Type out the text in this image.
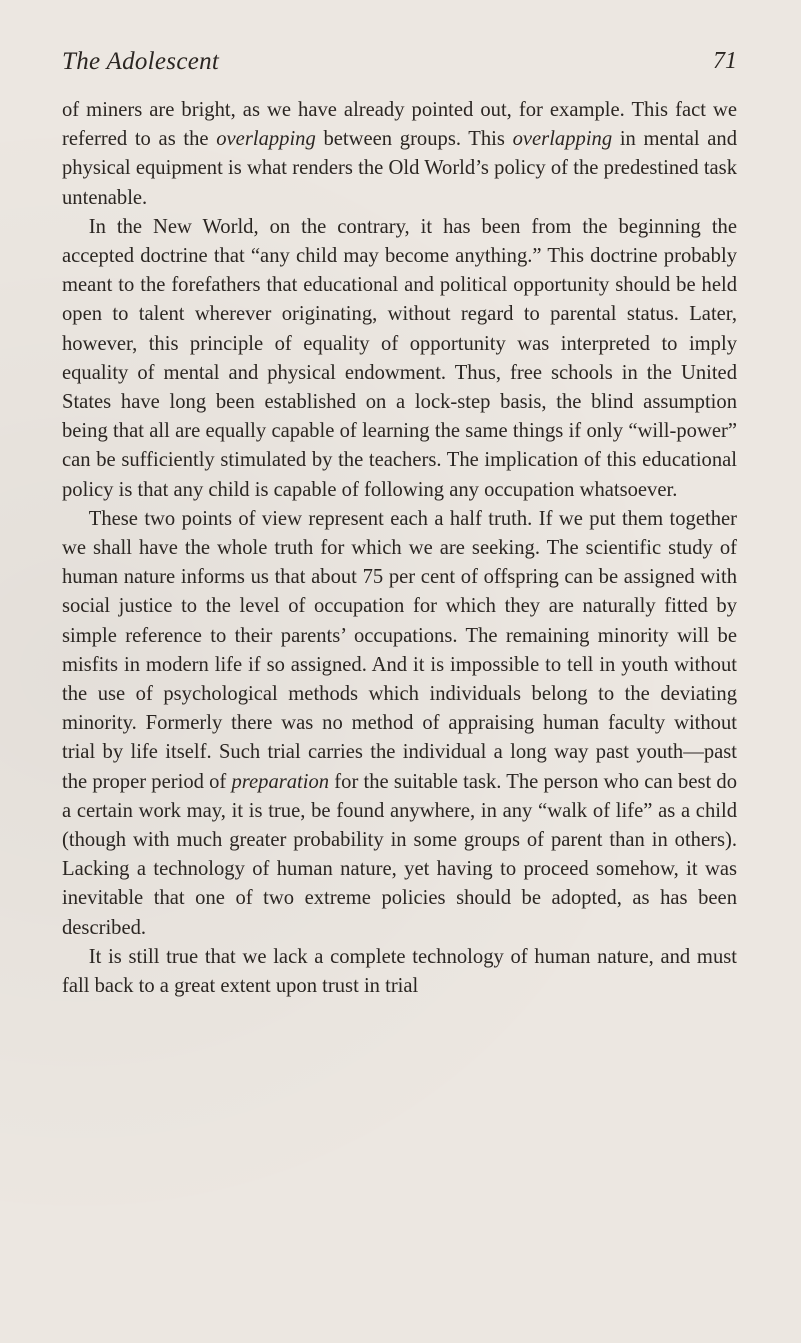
The Adolescent	71

of miners are bright, as we have already pointed out, for example. This fact we referred to as the overlapping between groups. This overlapping in mental and physical equipment is what renders the Old World’s policy of the predestined task untenable.

In the New World, on the contrary, it has been from the beginning the accepted doctrine that “any child may become anything.” This doctrine probably meant to the forefathers that educational and political opportunity should be held open to talent wherever originating, without regard to parental status. Later, however, this principle of equality of opportunity was interpreted to imply equality of mental and physical endowment. Thus, free schools in the United States have long been established on a lock-step basis, the blind assumption being that all are equally capable of learning the same things if only “will-power” can be sufficiently stimulated by the teachers. The implication of this educational policy is that any child is capable of following any occupation whatsoever.

These two points of view represent each a half truth. If we put them together we shall have the whole truth for which we are seeking. The scientific study of human nature informs us that about 75 per cent of offspring can be assigned with social justice to the level of occupation for which they are naturally fitted by simple reference to their parents’ occupations. The remaining minority will be misfits in modern life if so assigned. And it is impossible to tell in youth without the use of psychological methods which individuals belong to the deviating minority. Formerly there was no method of appraising human faculty without trial by life itself. Such trial carries the individual a long way past youth—past the proper period of preparation for the suitable task. The person who can best do a certain work may, it is true, be found anywhere, in any “walk of life” as a child (though with much greater probability in some groups of parent than in others). Lacking a technology of human nature, yet having to proceed somehow, it was inevitable that one of two extreme policies should be adopted, as has been described.

It is still true that we lack a complete technology of human nature, and must fall back to a great extent upon trust in trial
